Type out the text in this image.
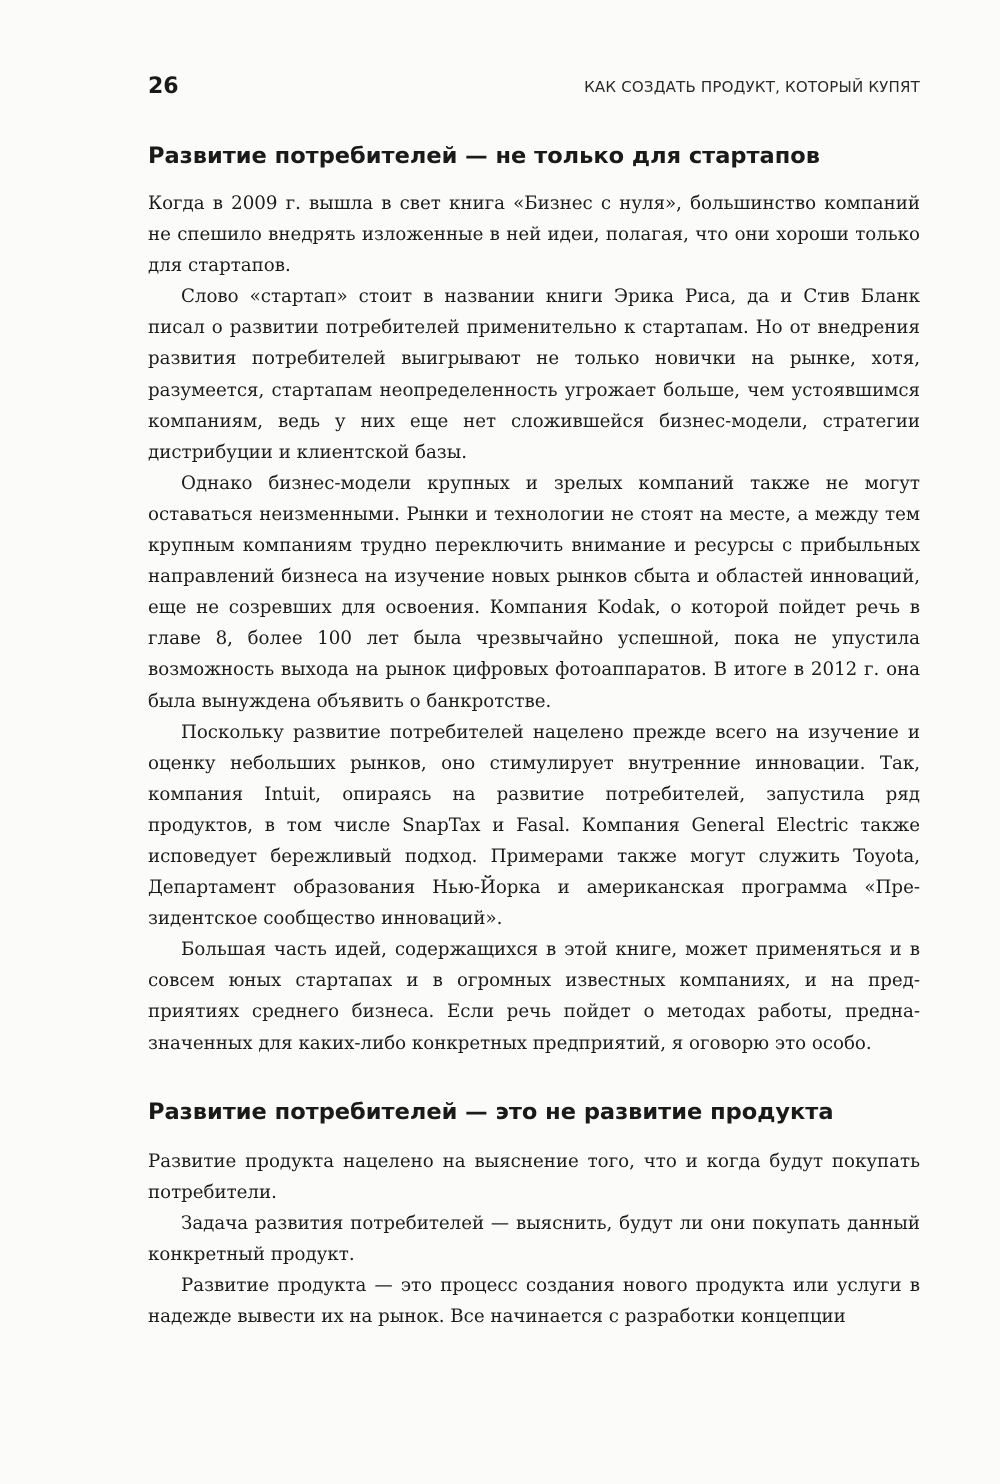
26	КАК СОЗДАТЬ ПРОДУКТ, КОТОРЫЙ КУПЯТ
Развитие потребителей — не только для стартапов

Когда в 2009 г. вышла в свет книга «Бизнес с нуля», большинство компаний не спешило внедрять изложенные в ней идеи, полагая, что они хороши только для стартапов.

Слово «стартап» стоит в названии книги Эрика Риса, да и Стив Бланк писал о развитии потребителей применительно к стартапам. Но от внедрения развития потребителей выигрывают не только новички на рынке, хотя, разумеется, стартапам неопределенность угрожает больше, чем устоявшимся компаниям, ведь у них еще нет сложившейся бизнес-модели, стратегии дистрибуции и клиентской базы.

Однако бизнес-модели крупных и зрелых компаний также не могут оставаться неизменными. Рынки и технологии не стоят на месте, а между тем крупным компаниям трудно переключить внимание и ресурсы с прибыльных направлений бизнеса на изучение новых рынков сбыта и областей инноваций, еще не созревших для освоения. Компания Kodak, о которой пойдет речь в главе 8, более 100 лет была чрезвычайно успешной, пока не упустила возможность выхода на рынок цифровых фотоаппаратов. В итоге в 2012 г. она была вынуждена объявить о банкротстве.

Поскольку развитие потребителей нацелено прежде всего на изучение и оценку небольших рынков, оно стимулирует внутренние инновации. Так, компания Intuit, опираясь на развитие потребителей, запустила ряд продуктов, в том числе SnapTax и Fasal. Компания General Electric также исповедует бережливый подход. Примерами также могут служить Toyota, Департамент образования Нью-Йорка и американская программа «Президентское сообщество инноваций».

Большая часть идей, содержащихся в этой книге, может применяться и в совсем юных стартапах и в огромных известных компаниях, и на предприятиях среднего бизнеса. Если речь пойдет о методах работы, предназначенных для каких-либо конкретных предприятий, я оговорю это особо.

Развитие потребителей — это не развитие продукта

Развитие продукта нацелено на выяснение того, что и когда будут покупать потребители.

Задача развития потребителей — выяснить, будут ли они покупать данный конкретный продукт.

Развитие продукта — это процесс создания нового продукта или услуги в надежде вывести их на рынок. Все начинается с разработки концепции
